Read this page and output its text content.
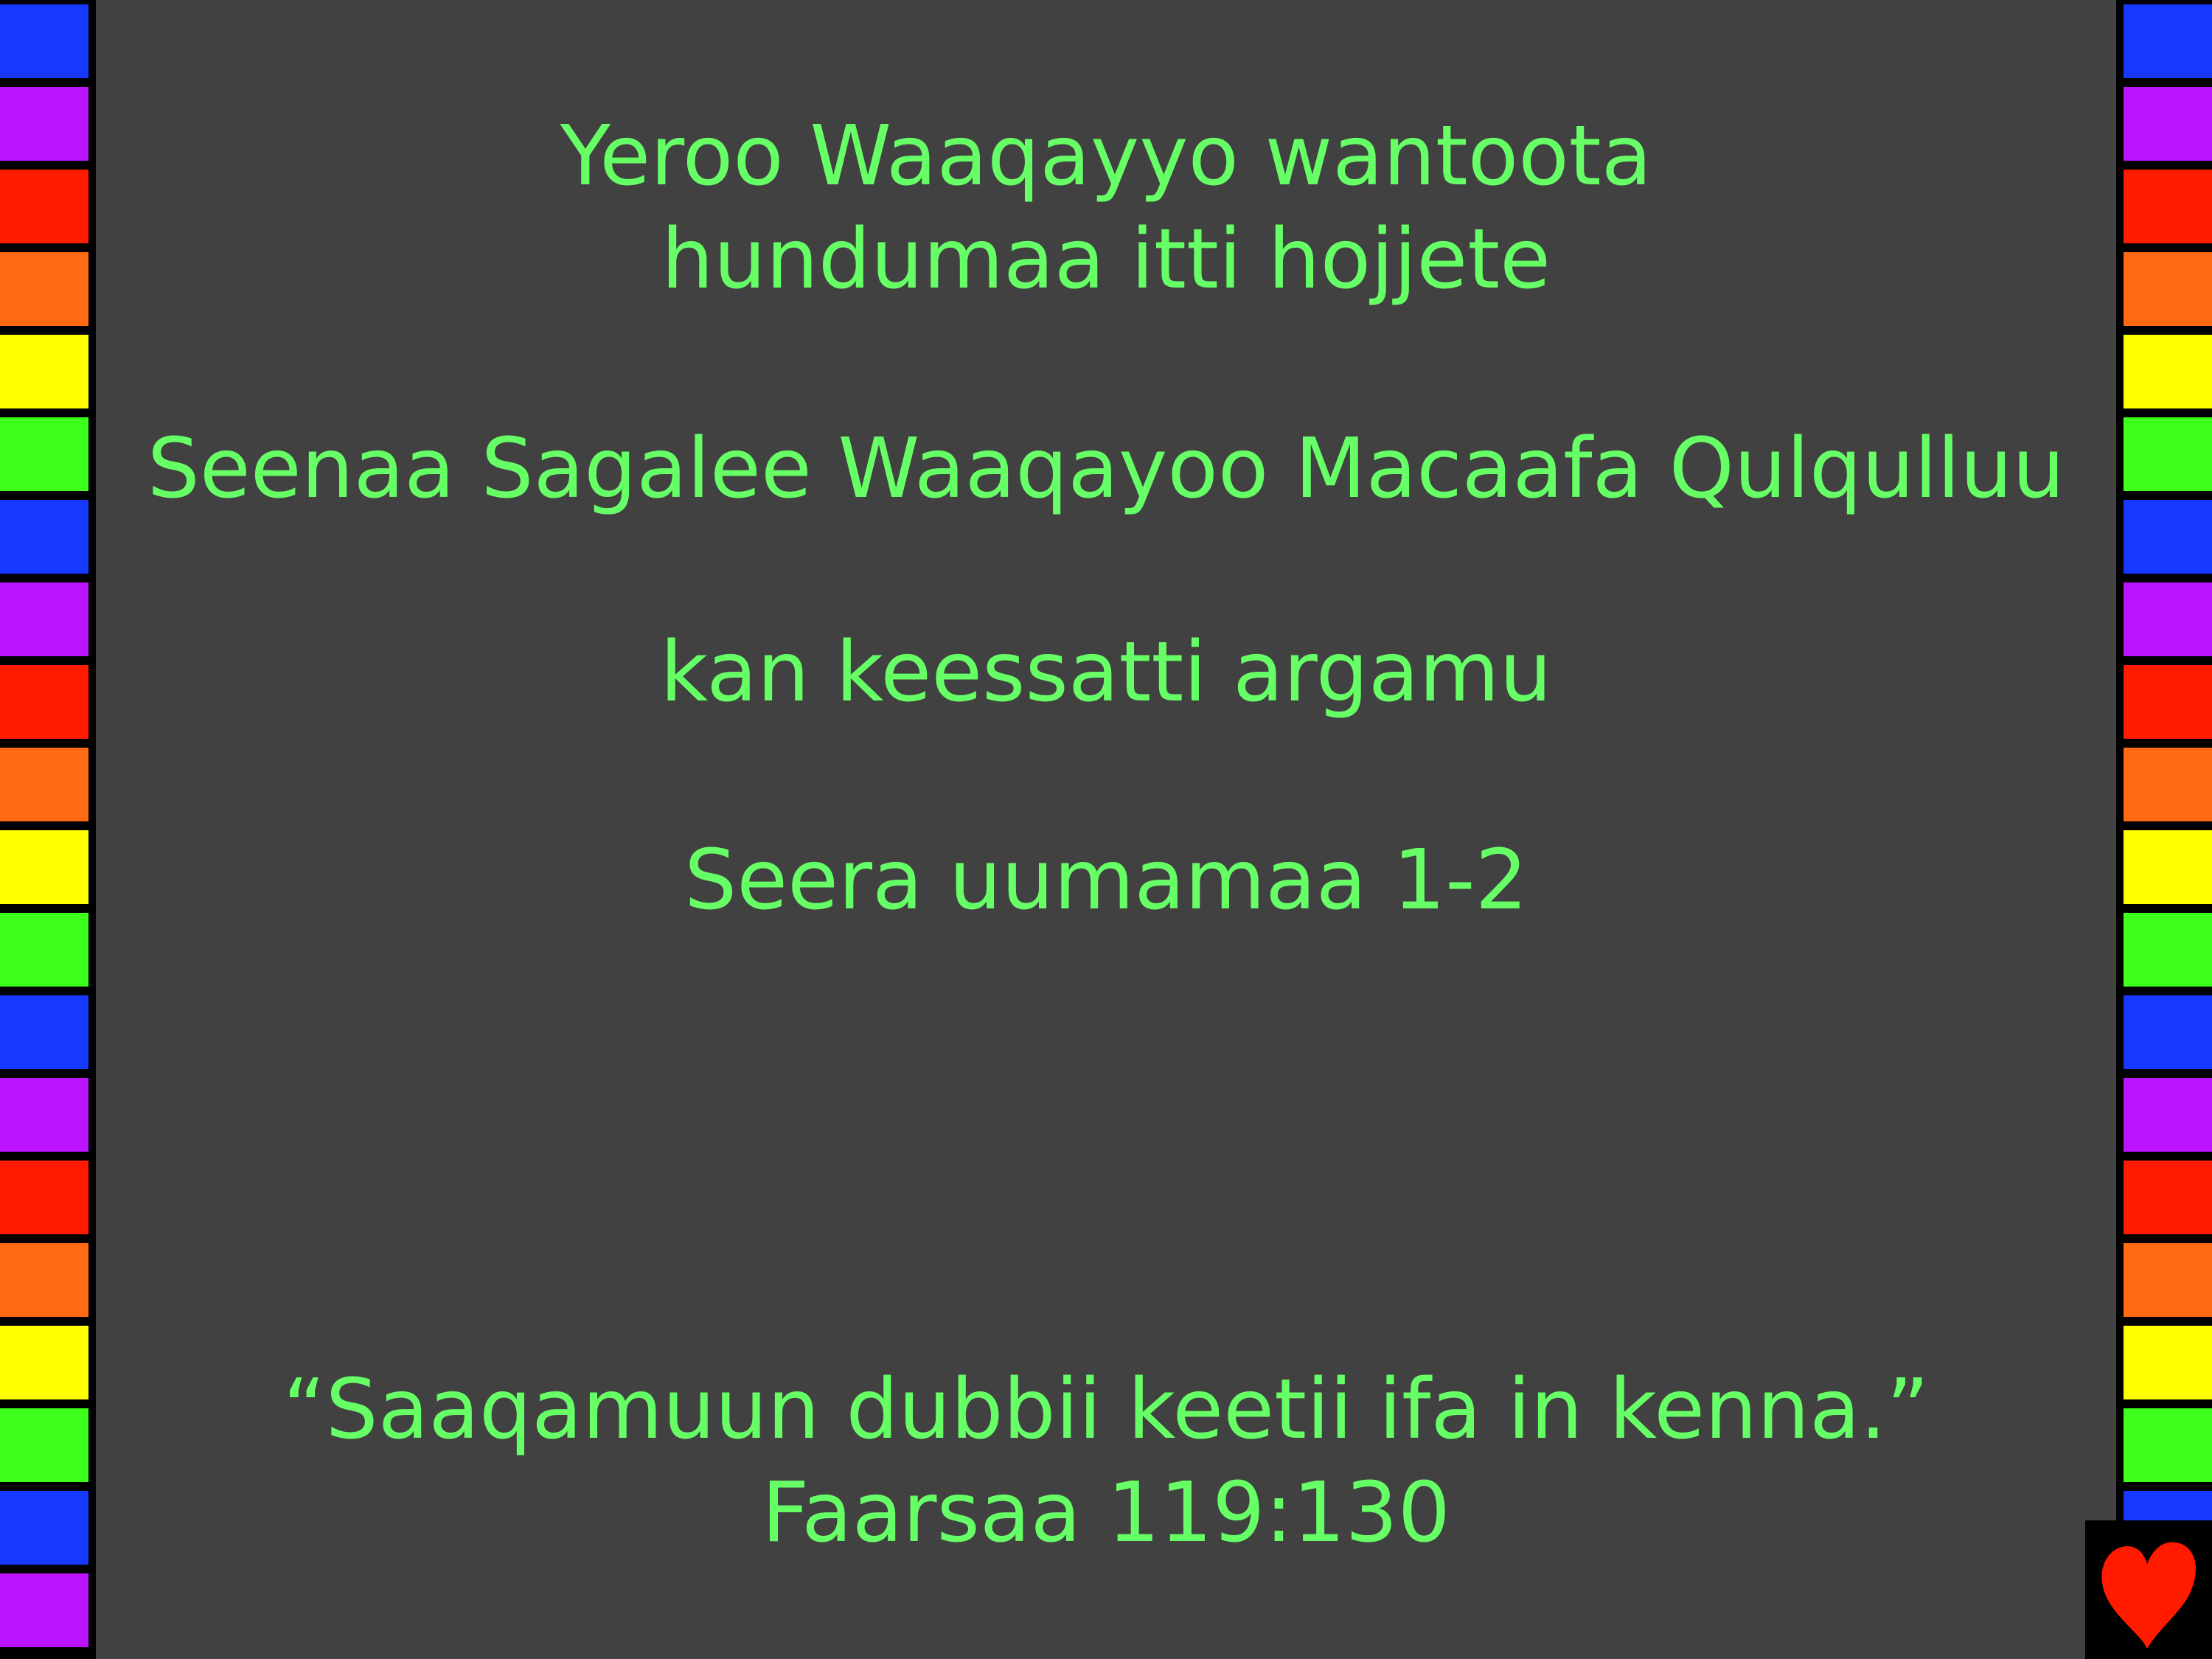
Yeroo Waaqayyo wantoota
hundumaa itti hojjete
Seenaa Sagalee Waaqayoo Macaafa Qulqulluu
kan keessatti argamu
Seera uumamaa 1-2
“Saaqamuun dubbii keetii ifa in kenna.”
Faarsaa 119:130
